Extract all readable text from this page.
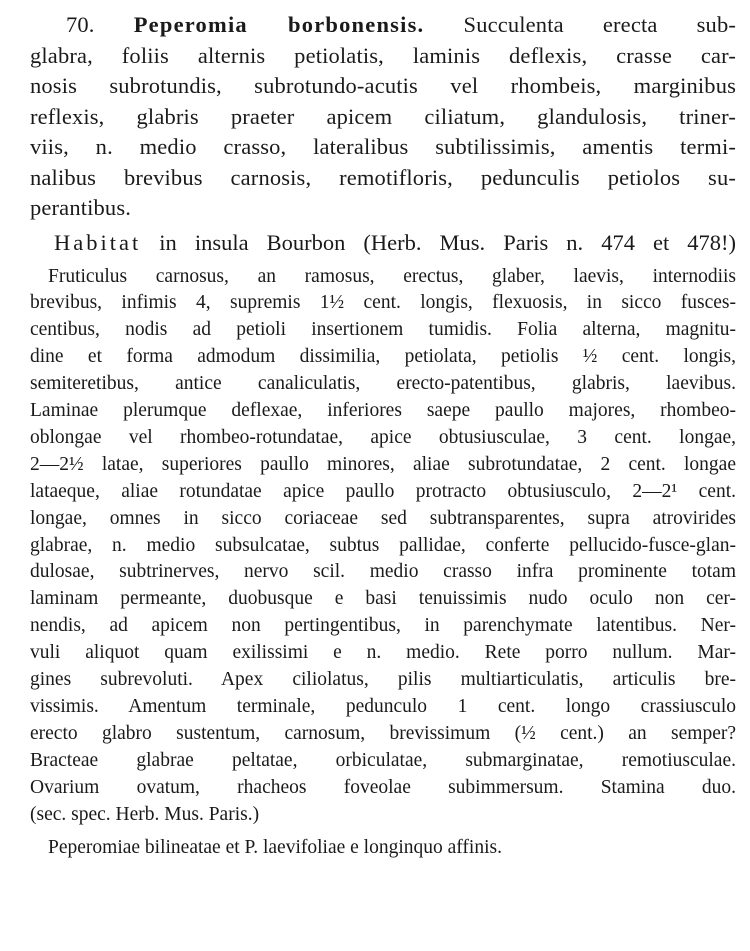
70. Peperomia borbonensis. Succulenta erecta sub-
glabra, foliis alternis petiolatis, laminis deflexis, crasse car-
nosis subrotundis, subrotundo-acutis vel rhombeis, marginibus
reflexis, glabris praeter apicem ciliatum, glandulosis, triner-
viis, n. medio crasso, lateralibus subtilissimis, amentis termi-
nalibus brevibus carnosis, remotifloris, pedunculis petiolos su-
perantibus.
Habitat in insula Bourbon (Herb. Mus. Paris n. 474 et 478!)
Fruticulus carnosus, an ramosus, erectus, glaber, laevis, internodiis
brevibus, infimis 4, supremis 1½ cent. longis, flexuosis, in sicco fusces-
centibus, nodis ad petioli insertionem tumidis. Folia alterna, magnitu-
dine et forma admodum dissimilia, petiolata, petiolis ½ cent. longis,
semiteretibus, antice canaliculatis, erecto-patentibus, glabris, laevibus.
Laminae plerumque deflexae, inferiores saepe paullo majores, rhombeo-
oblongae vel rhombeo-rotundatae, apice obtusiusculae, 3 cent. longae,
2—2½ latae, superiores paullo minores, aliae subrotundatae, 2 cent. longae
lataeque, aliae rotundatae apice paullo protracto obtusiusculo, 2—2¹ cent.
longae, omnes in sicco coriaceae sed subtransparentes, supra atrovirides
glabrae, n. medio subsulcatae, subtus pallidae, conferte pellucido-fusce-glan-
dulosae, subtrinerves, nervo scil. medio crasso infra prominente totam
laminam permeante, duobusque e basi tenuissimis nudo oculo non cer-
nendis, ad apicem non pertingentibus, in parenchymate latentibus. Ner-
vuli aliquot quam exilissimi e n. medio. Rete porro nullum. Mar-
gines subrevoluti. Apex ciliolatus, pilis multiarticulatis, articulis bre-
vissimis. Amentum terminale, pedunculo 1 cent. longo crassiusculo
erecto glabro sustentum, carnosum, brevissimum (½ cent.) an semper?
Bracteae glabrae peltatae, orbiculatae, submarginatae, remotiusculae.
Ovarium ovatum, rhacheos foveolae subimmersum. Stamina duo.
(sec. spec. Herb. Mus. Paris.)
Peperomiae bilineatae et P. laevifoliae e longinquo affinis.
